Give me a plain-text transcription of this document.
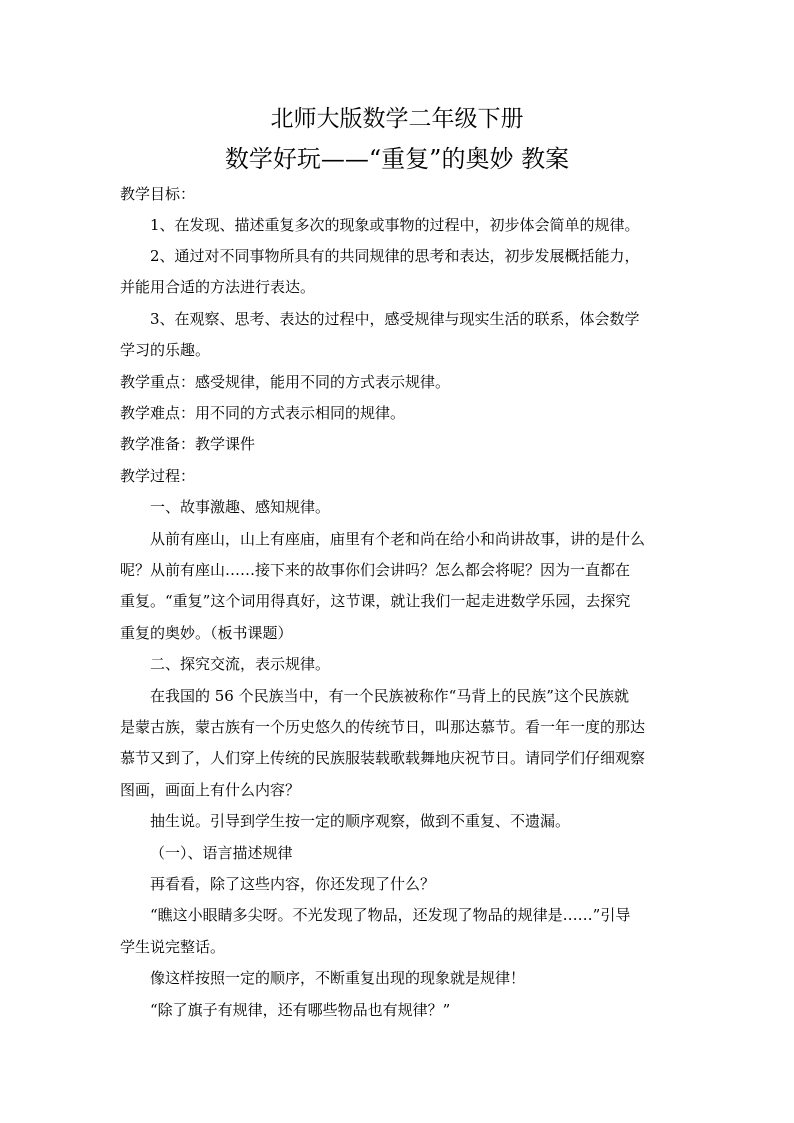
北师大版数学二年级下册
数学好玩——“重复”的奥妙 教案
教学目标：
1、在发现、描述重复多次的现象或事物的过程中，初步体会简单的规律。
2、通过对不同事物所具有的共同规律的思考和表达，初步发展概括能力，
并能用合适的方法进行表达。
3、在观察、思考、表达的过程中，感受规律与现实生活的联系，体会数学
学习的乐趣。
教学重点：感受规律，能用不同的方式表示规律。
教学难点：用不同的方式表示相同的规律。
教学准备：教学课件
教学过程：
一、故事激趣、感知规律。
从前有座山，山上有座庙，庙里有个老和尚在给小和尚讲故事，讲的是什么
呢？从前有座山……接下来的故事你们会讲吗？怎么都会将呢？因为一直都在
重复。“重复”这个词用得真好，这节课，就让我们一起走进数学乐园，去探究
重复的奥妙。（板书课题）
二、探究交流，表示规律。
在我国的 56 个民族当中，有一个民族被称作“马背上的民族”这个民族就
是蒙古族，蒙古族有一个历史悠久的传统节日，叫那达慕节。看一年一度的那达
慕节又到了，人们穿上传统的民族服装载歌载舞地庆祝节日。请同学们仔细观察
图画，画面上有什么内容？
抽生说。引导到学生按一定的顺序观察，做到不重复、不遗漏。
（一）、语言描述规律
再看看，除了这些内容，你还发现了什么？
“瞧这小眼睛多尖呀。不光发现了物品，还发现了物品的规律是……”引导
学生说完整话。
像这样按照一定的顺序，不断重复出现的现象就是规律！
“除了旗子有规律，还有哪些物品也有规律？”
